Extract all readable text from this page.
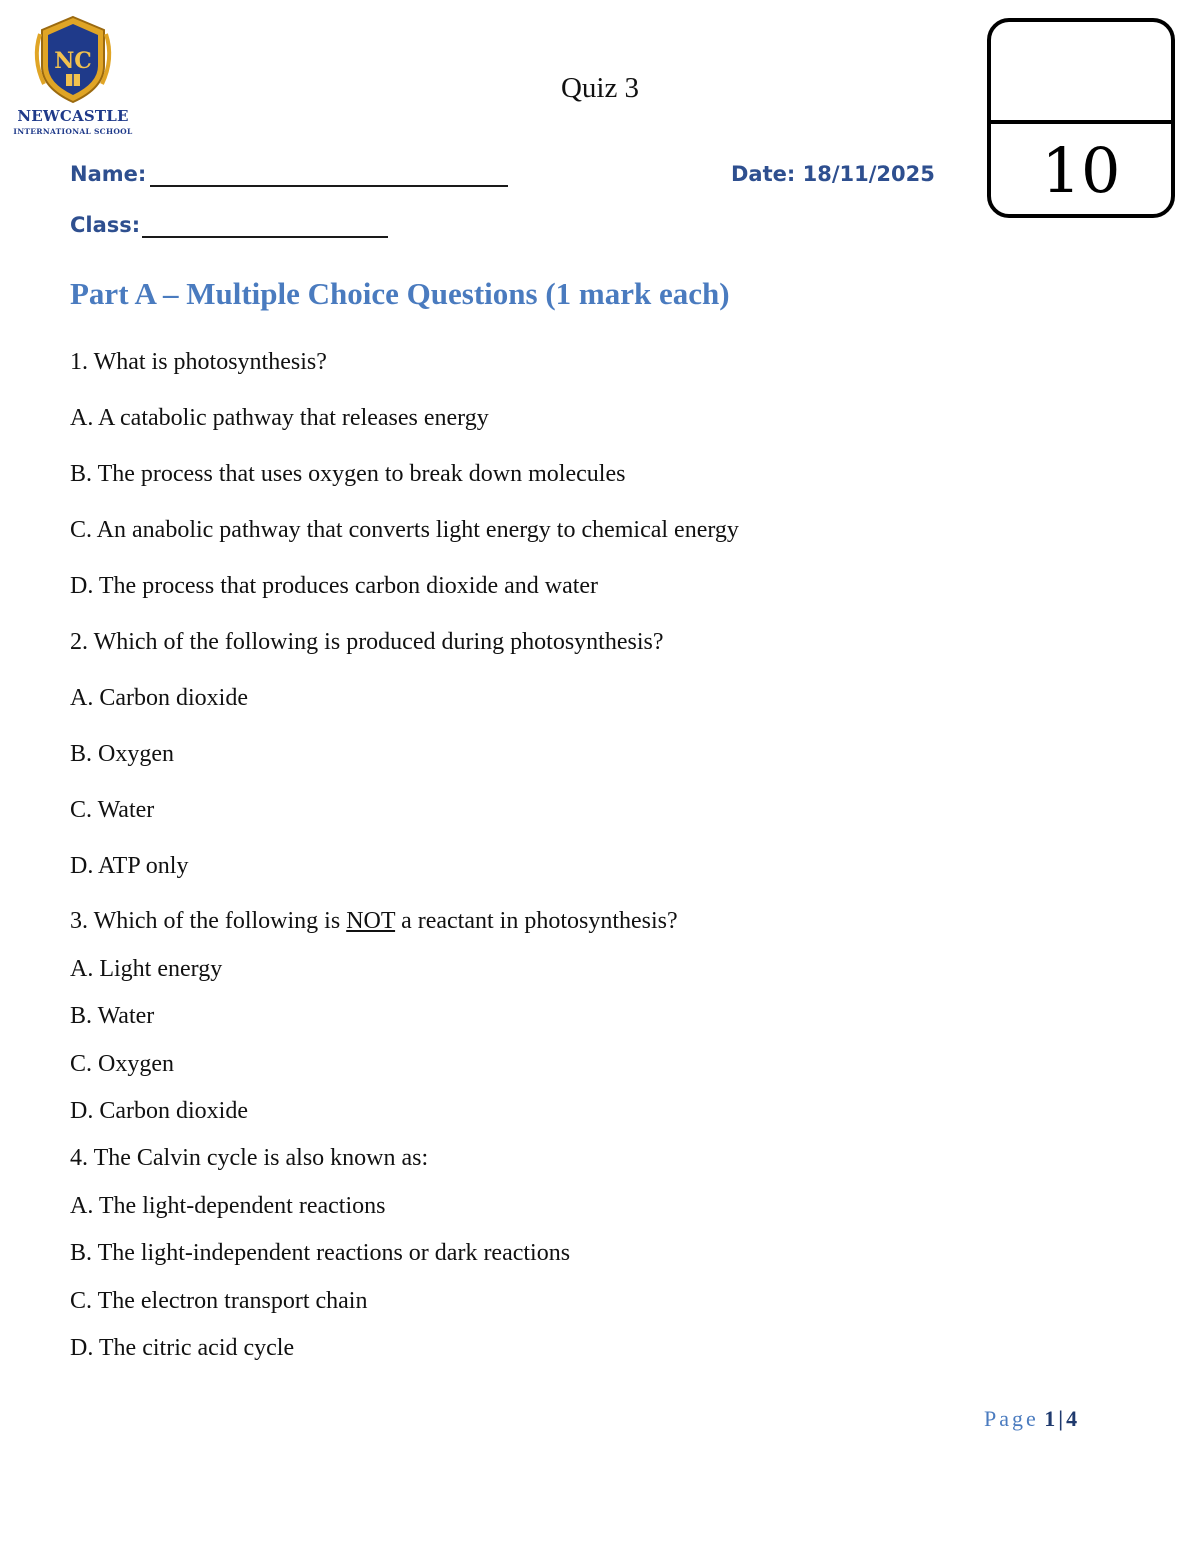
NC
NEWCASTLE
INTERNATIONAL SCHOOL
Quiz 3
Name:
Class:
Date: 18/11/2025	10
Part A – Multiple Choice Questions (1 mark each)
1. What is photosynthesis?
A. A catabolic pathway that releases energy
B. The process that uses oxygen to break down molecules
C. An anabolic pathway that converts light energy to chemical energy
D. The process that produces carbon dioxide and water
2. Which of the following is produced during photosynthesis?
A. Carbon dioxide
B. Oxygen
C. Water
D. ATP only
3. Which of the following is NOT a reactant in photosynthesis?
A. Light energy
B. Water
C. Oxygen
D. Carbon dioxide
4. The Calvin cycle is also known as:
A. The light-dependent reactions
B. The light-independent reactions or dark reactions
C. The electron transport chain
D. The citric acid cycle
Page 1 | 4
